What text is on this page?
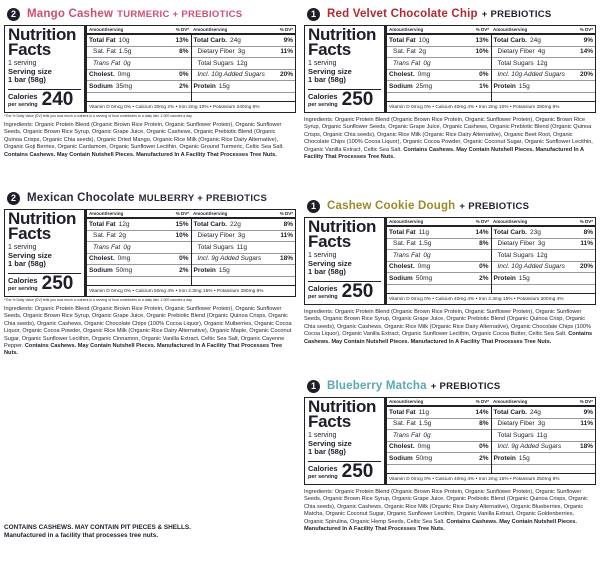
2 Mango Cashew TURMERIC + PREBIOTICS
Nutrition Facts
1 serving
Serving size
1 bar (58g)
Calories
per serving 240
Amount/serving	% DV* Amount/serving	% DV*
Total Fat 10g	13%
Sat. Fat 1.5g	8%
Trans Fat 0g
Cholest. 0mg	0%
Sodium 35mg	2%
Total Carb. 24g	9%
Dietary Fiber 3g	11%
Total Sugars 12g
Incl. 10g Added Sugars	20%
Protein 15g
Vitamin D 0mcg 0% • Calcium 30mg 2% • Iron 2mg 10% • Potassium 240mg 6%
*The % Daily Value (DV) tells you how much a nutrient in a serving of food contributes to a daily diet. 2,000 calories a day
Ingredients: Organic Protein Blend (Organic Brown Rice Protein, Organic Sunflower Protein), Organic Sunflower Seeds, Organic Brown Rice Syrup, Organic Grape Juice, Organic Cashews, Organic Prebiotic Blend (Organic Quinoa Crisps, Organic Chia seeds), Organic Dried Mango, Organic Rice Milk (Organic Rice Dairy Alternative), Organic Goji Berries, Organic Cardamom, Organic Sunflower Lecithin, Organic Ground Turmeric, Celtic Sea Salt. Contains Cashews. May Contain Nutshell Pieces. Manufactured In A Facility That Processes Tree Nuts.
1 Red Velvet Chocolate Chip + PREBIOTICS
Nutrition Facts
1 serving
Serving size
1 bar (58g)
Calories
per serving 250
Amount/serving	% DV* Amount/serving	% DV*
Total Fat 10g	13%
Sat. Fat 2g	10%
Trans Fat 0g
Cholest. 0mg	0%
Sodium 25mg	1%
Total Carb. 24g	9%
Dietary Fiber 4g	14%
Total Sugars 12g
Incl. 10g Added Sugars	20%
Protein 15g
Vitamin D 0mcg 0% • Calcium 40mg 4% • Iron 2mg 10% • Potassium 280mg 6%
Ingredients: Organic Protein Blend (Organic Brown Rice Protein, Organic Sunflower Protein), Organic Brown Rice Syrup, Organic Sunflower Seeds, Organic Grape Juice, Organic Cashews, Organic Prebiotic Blend (Organic Quinoa Crisps, Organic Chia seeds), Organic Rice Milk (Organic Rice Dairy Alternative), Organic Beet Root, Organic Chocolate Chips (100% Cocoa Liquor), Organic Cocoa Powder, Organic Coconut Sugar, Organic Sunflower Lecithin, Organic Vanilla Extract, Celtic Sea Salt. Contains Cashews. May Contain Nutshell Pieces. Manufactured In A Facility That Processes Tree Nuts.
2 Mexican Chocolate MULBERRY + PREBIOTICS
Nutrition Facts
1 serving
Serving size
1 bar (58g)
Calories
per serving 250
Amount/serving	% DV* Amount/serving	% DV*
Total Fat 12g	15%
Sat. Fat 2g	10%
Trans Fat 0g
Cholest. 0mg	0%
Sodium 50mg	2%
Total Carb. 22g	8%
Dietary Fiber 3g	11%
Total Sugars 11g
Incl. 9g Added Sugars	18%
Protein 15g
Vitamin D 0mcg 0% • Calcium 50mg 4% • Iron 2.3mg 15% • Potassium 280mg 6%
*The % Daily Value (DV) tells you how much a nutrient in a serving of food contributes to a daily diet. 2,000 calories a day
Ingredients: Organic Protein Blend (Organic Brown Rice Protein, Organic Sunflower Protein), Organic Sunflower Seeds, Organic Brown Rice Syrup, Organic Grape Juice, Organic Prebiotic Blend (Organic Quinoa Crisps, Organic Chia seeds), Organic Cashews, Organic Chocolate Chips (100% Cocoa Liquor), Organic Mulberries, Organic Cocoa Liquor, Organic Cocoa Powder, Organic Rice Milk (Organic Rice Dairy Alternative), Organic Maple, Organic Coconut Sugar, Organic Sunflower Lecithin, Organic Cinnamon, Organic Vanilla Extract, Celtic Sea Salt, Organic Cayenne Pepper. Contains Cashews. May Contain Nutshell Pieces. Manufactured In A Facility That Processes Tree Nuts.
1 Cashew Cookie Dough + PREBIOTICS
Nutrition Facts
1 serving
Serving size
1 bar (58g)
Calories
per serving 250
Amount/serving	% DV* Amount/serving	% DV*
Total Fat 11g	14%
Sat. Fat 1.5g	8%
Trans Fat 0g
Cholest. 0mg	0%
Sodium 50mg	2%
Total Carb. 23g	8%
Dietary Fiber 3g	11%
Total Sugars 12g
Incl. 10g Added Sugars	20%
Protein 15g
Vitamin D 0mcg 0% • Calcium 40mg 4% • Iron 2.3mg 15% • Potassium 200mg 4%
Ingredients: Organic Protein Blend (Organic Brown Rice Protein, Organic Sunflower Protein), Organic Sunflower Seeds, Organic Brown Rice Syrup, Organic Grape Juice, Organic Prebiotic Blend (Organic Quinoa Crisp, Organic Chia seeds), Organic Cashews, Organic Rice Milk (Organic Rice Dairy Alternative), Organic Chocolate Chips (100% Cocoa Liquor), Organic Vanilla Extract, Organic Sunflower Lecithin, Organic Cocoa Butter, Celtic Sea Salt. Contains Cashews. May Contain Nutshell Pieces. Manufactured In A Facility That Processes Tree Nuts.
1 Blueberry Matcha + PREBIOTICS
Nutrition Facts
1 serving
Serving size
1 bar (58g)
Calories
per serving 250
Amount/serving	% DV* Amount/serving	% DV*
Total Fat 11g	14%
Sat. Fat 1.5g	8%
Trans Fat 0g
Cholest. 0mg	0%
Sodium 50mg	2%
Total Carb. 24g	9%
Dietary Fiber 3g	11%
Total Sugars 11g
Incl. 9g Added Sugars	18%
Protein 15g
Vitamin D 0mcg 0% • Calcium 40mg 4% • Iron 2mg 15% • Potassium 250mg 6%
Ingredients: Organic Protein Blend (Organic Brown Rice Protein, Organic Sunflower Protein), Organic Sunflower Seeds, Organic Brown Rice Syrup, Organic Grape Juice, Organic Prebiotic Blend (Organic Quinoa Crisps, Organic Chia seeds), Organic Cashews, Organic Rice Milk (Organic Rice Dairy Alternative), Organic Blueberries, Organic Matcha, Organic Coconut Sugar, Organic Sunflower Lecithin, Organic Vanilla Extract, Organic Goldenberries, Organic Spirulina, Organic Hemp Seeds, Celtic Sea Salt. Contains Cashews. May Contain Nutshell Pieces. Manufactured In A Facility That Processes Tree Nuts.
CONTAINS CASHEWS. MAY CONTAIN PIT PIECES & SHELLS.
Manufactured in a facility that processes tree nuts.
